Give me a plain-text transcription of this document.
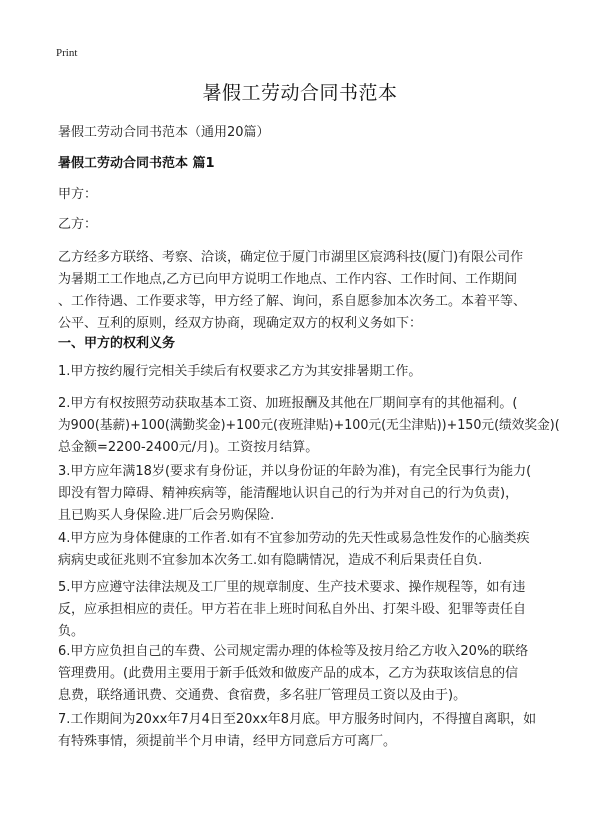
Print
暑假工劳动合同书范本
暑假工劳动合同书范本（通用20篇）
暑假工劳动合同书范本 篇1
甲方：
乙方：
乙方经多方联络、考察、洽谈，确定位于厦门市湖里区宸鸿科技(厦门)有限公司作
为暑期工工作地点,乙方已向甲方说明工作地点、工作内容、工作时间、工作期间
、工作待遇、工作要求等，甲方经了解、询问，系自愿参加本次务工。本着平等、
公平、互利的原则，经双方协商，现确定双方的权利义务如下：
一、甲方的权利义务
1.甲方按约履行完相关手续后有权要求乙方为其安排暑期工作。
2.甲方有权按照劳动获取基本工资、加班报酬及其他在厂期间享有的其他福利。(
为900(基薪)+100(满勤奖金)+100元(夜班津贴)+100元(无尘津贴))+150元(绩效奖金)(
总金额=2200-2400元/月)。工资按月结算。
3.甲方应年满18岁(要求有身份证，并以身份证的年龄为准)，有完全民事行为能力(
即没有智力障碍、精神疾病等，能清醒地认识自己的行为并对自己的行为负责)，
且已购买人身保险.进厂后会另购保险.
4.甲方应为身体健康的工作者.如有不宜参加劳动的先天性或易急性发作的心脑类疾
病病史或征兆则不宜参加本次务工.如有隐瞒情况，造成不利后果责任自负.
5.甲方应遵守法律法规及工厂里的规章制度、生产技术要求、操作规程等，如有违
反，应承担相应的责任。甲方若在非上班时间私自外出、打架斗殴、犯罪等责任自
负。
6.甲方应负担自己的车费、公司规定需办理的体检等及按月给乙方收入20%的联络
管理费用。(此费用主要用于新手低效和做废产品的成本，乙方为获取该信息的信
息费，联络通讯费、交通费、食宿费，多名驻厂管理员工资以及由于)。
7.工作期间为20xx年7月4日至20xx年8月底。甲方服务时间内，不得擅自离职，如
有特殊事情，须提前半个月申请，经甲方同意后方可离厂。
